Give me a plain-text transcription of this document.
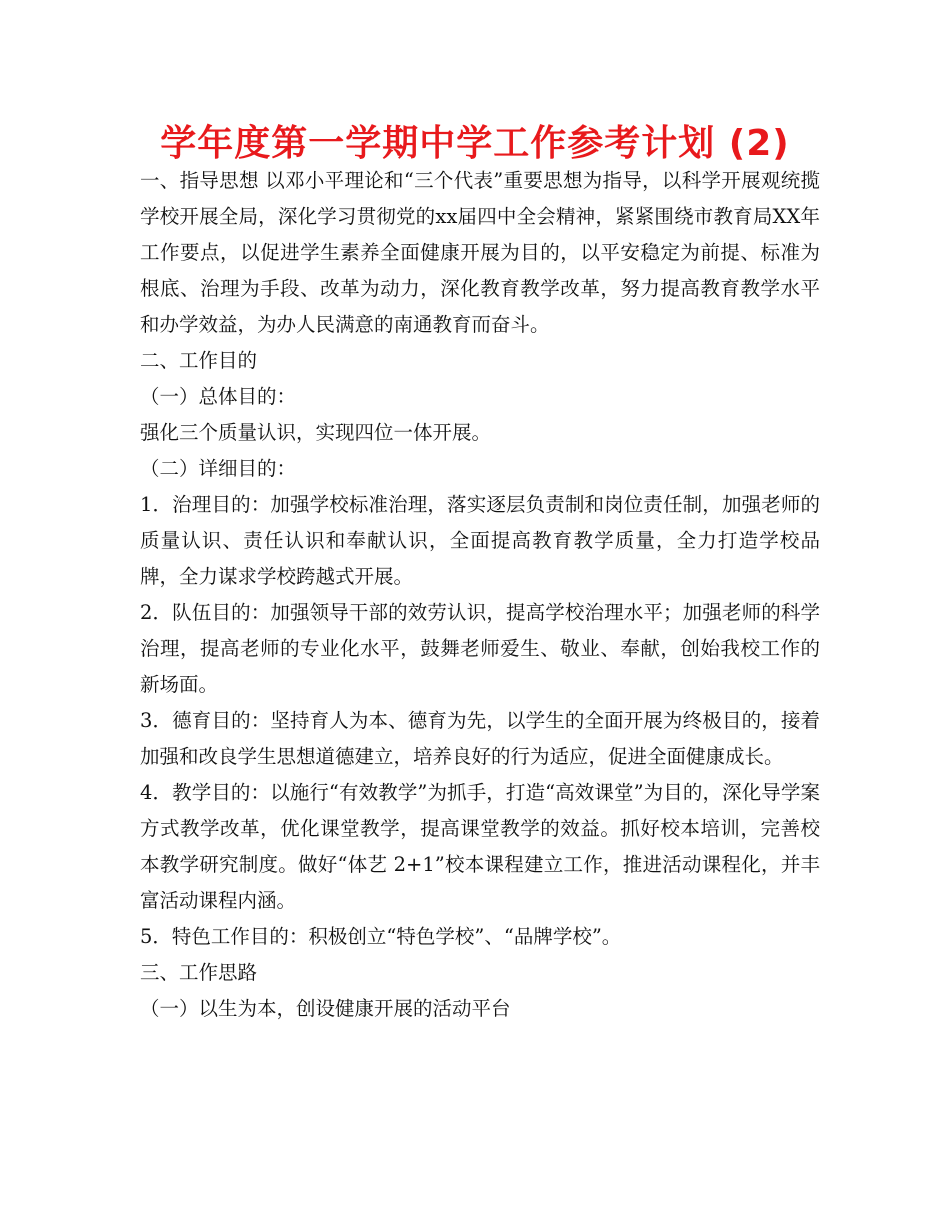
学年度第一学期中学工作参考计划 (2)

一、指导思想 以邓小平理论和“三个代表”重要思想为指导，以科学开展观统揽学校开展全局，深化学习贯彻党的xx届四中全会精神，紧紧围绕市教育局XX年工作要点，以促进学生素养全面健康开展为目的，以平安稳定为前提、标准为根底、治理为手段、改革为动力，深化教育教学改革，努力提高教育教学水平和办学效益，为办人民满意的南通教育而奋斗。

二、工作目的

（一）总体目的：

强化三个质量认识，实现四位一体开展。

（二）详细目的：

1．治理目的：加强学校标准治理，落实逐层负责制和岗位责任制，加强老师的质量认识、责任认识和奉献认识，全面提高教育教学质量，全力打造学校品牌，全力谋求学校跨越式开展。

2．队伍目的：加强领导干部的效劳认识，提高学校治理水平；加强老师的科学治理，提高老师的专业化水平，鼓舞老师爱生、敬业、奉献，创始我校工作的新场面。

3．德育目的：坚持育人为本、德育为先，以学生的全面开展为终极目的，接着加强和改良学生思想道德建立，培养良好的行为适应，促进全面健康成长。

4．教学目的：以施行“有效教学”为抓手，打造“高效课堂”为目的，深化导学案方式教学改革，优化课堂教学，提高课堂教学的效益。抓好校本培训，完善校本教学研究制度。做好“体艺 2+1”校本课程建立工作，推进活动课程化，并丰富活动课程内涵。

5．特色工作目的：积极创立“特色学校”、“品牌学校”。

三、工作思路

（一）以生为本，创设健康开展的活动平台
